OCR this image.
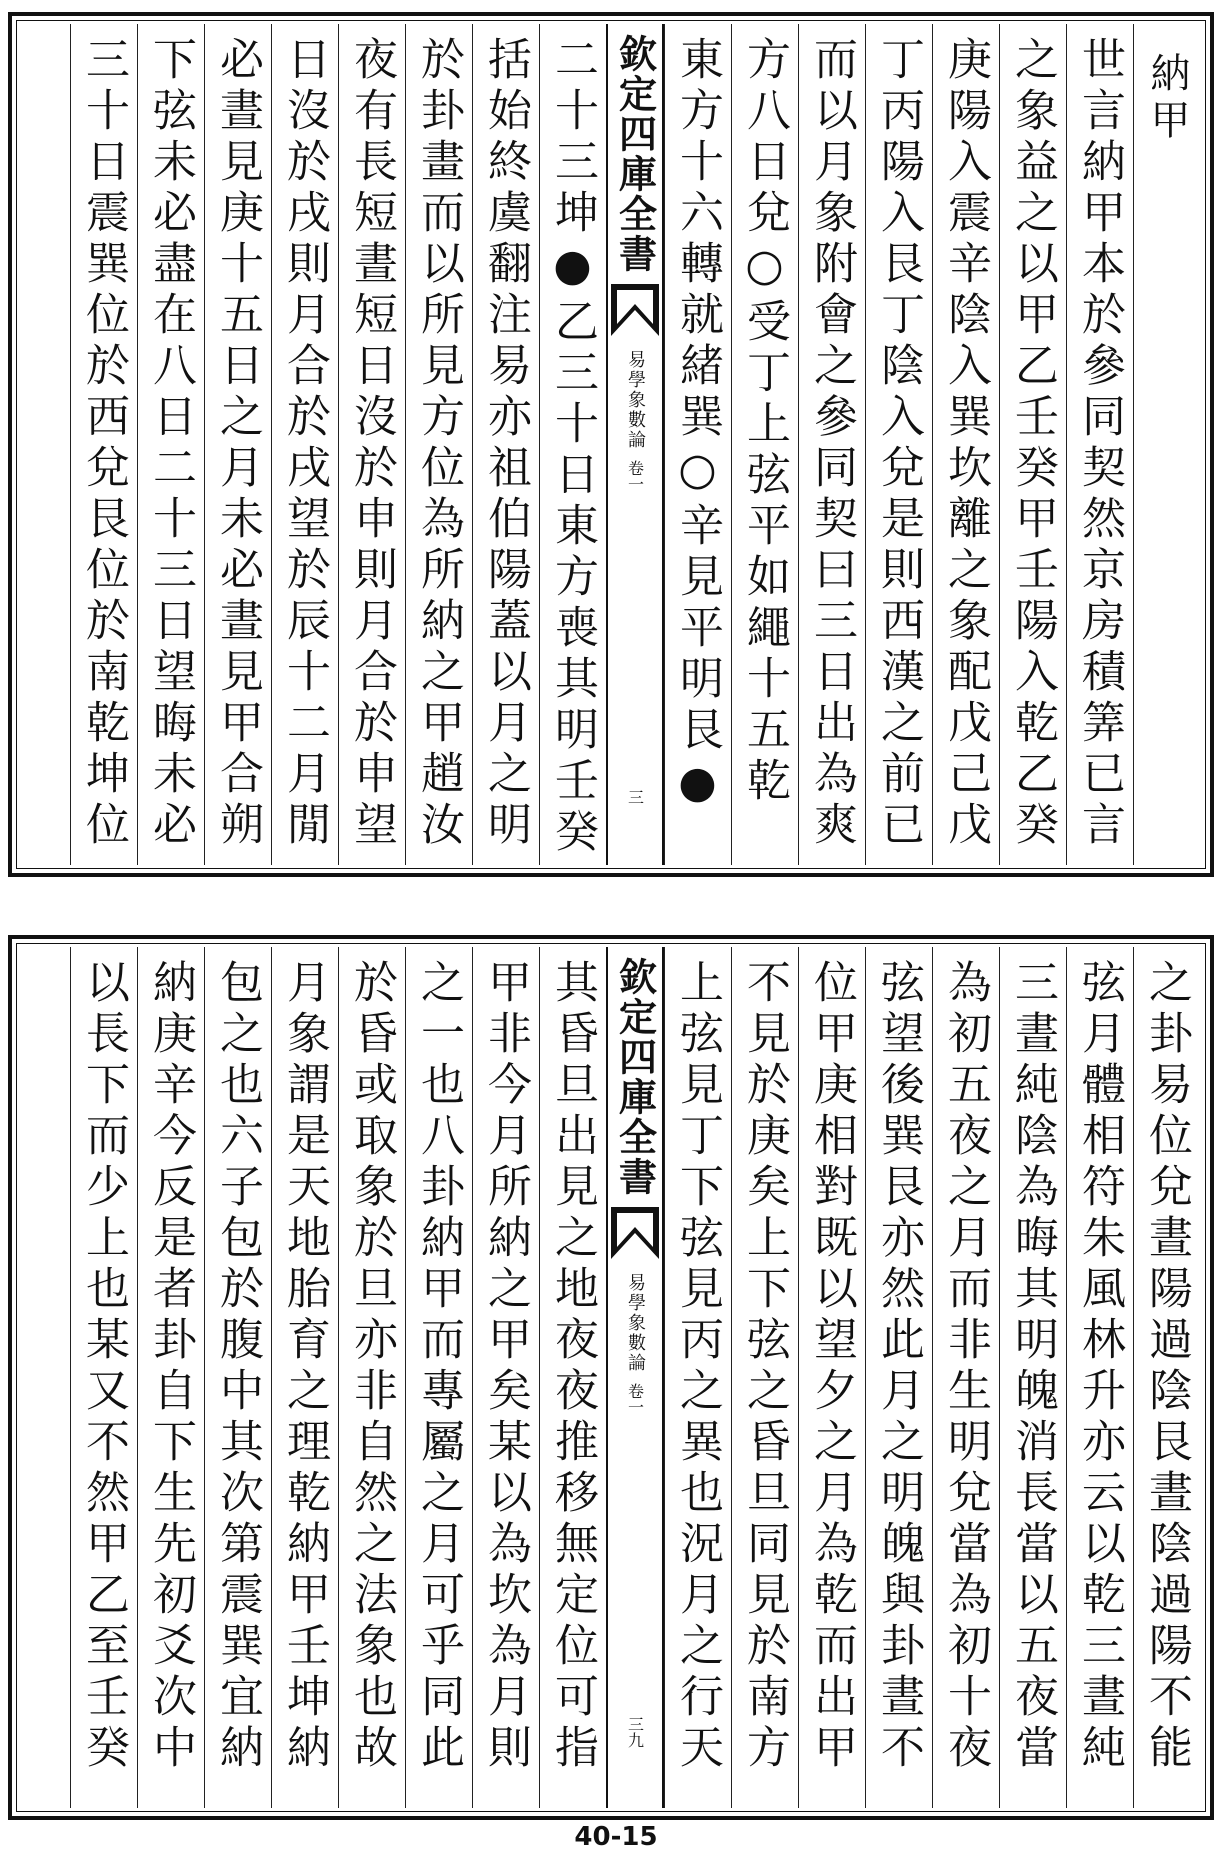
納甲
世言納甲本於參同契然京房積筭已言
之象益之以甲乙壬癸甲壬陽入乾乙癸
庚陽入震辛陰入巽坎離之象配戊己戊
丁丙陽入艮丁陰入兌是則西漢之前已
而以月象附會之參同契曰三日出為爽
方八日兌○受丁上弦平如繩十五乾
東方十六轉就緒巽○辛見平明艮●
欽定四庫全書
易學象數論
卷一
三
二十三坤●乙三十日東方喪其明壬癸
括始終虞翻注易亦祖伯陽蓋以月之明
於卦畫而以所見方位為所納之甲趙汝
夜有長短晝短日沒於申則月合於申望
日沒於戌則月合於戌望於辰十二月閒
必晝見庚十五日之月未必晝見甲合朔
下弦未必盡在八日二十三日望晦未必
三十日震巽位於西兌艮位於南乾坤位
之卦易位兌晝陽過陰艮晝陰過陽不能
弦月體相符朱風林升亦云以乾三晝純
三晝純陰為晦其明魄消長當以五夜當
為初五夜之月而非生明兌當為初十夜
弦望後巽艮亦然此月之明魄與卦晝不
位甲庚相對既以望夕之月為乾而出甲
不見於庚矣上下弦之昏旦同見於南方
上弦見丁下弦見丙之異也況月之行天
欽定四庫全書
易學象數論
卷一
三九
其昏旦出見之地夜夜推移無定位可指
甲非今月所納之甲矣某以為坎為月則
之一也八卦納甲而專屬之月可乎同此
於昏或取象於旦亦非自然之法象也故
月象謂是天地胎育之理乾納甲壬坤納
包之也六子包於腹中其次第震巽宜納
納庚辛今反是者卦自下生先初爻次中
以長下而少上也某又不然甲乙至壬癸
40-15
